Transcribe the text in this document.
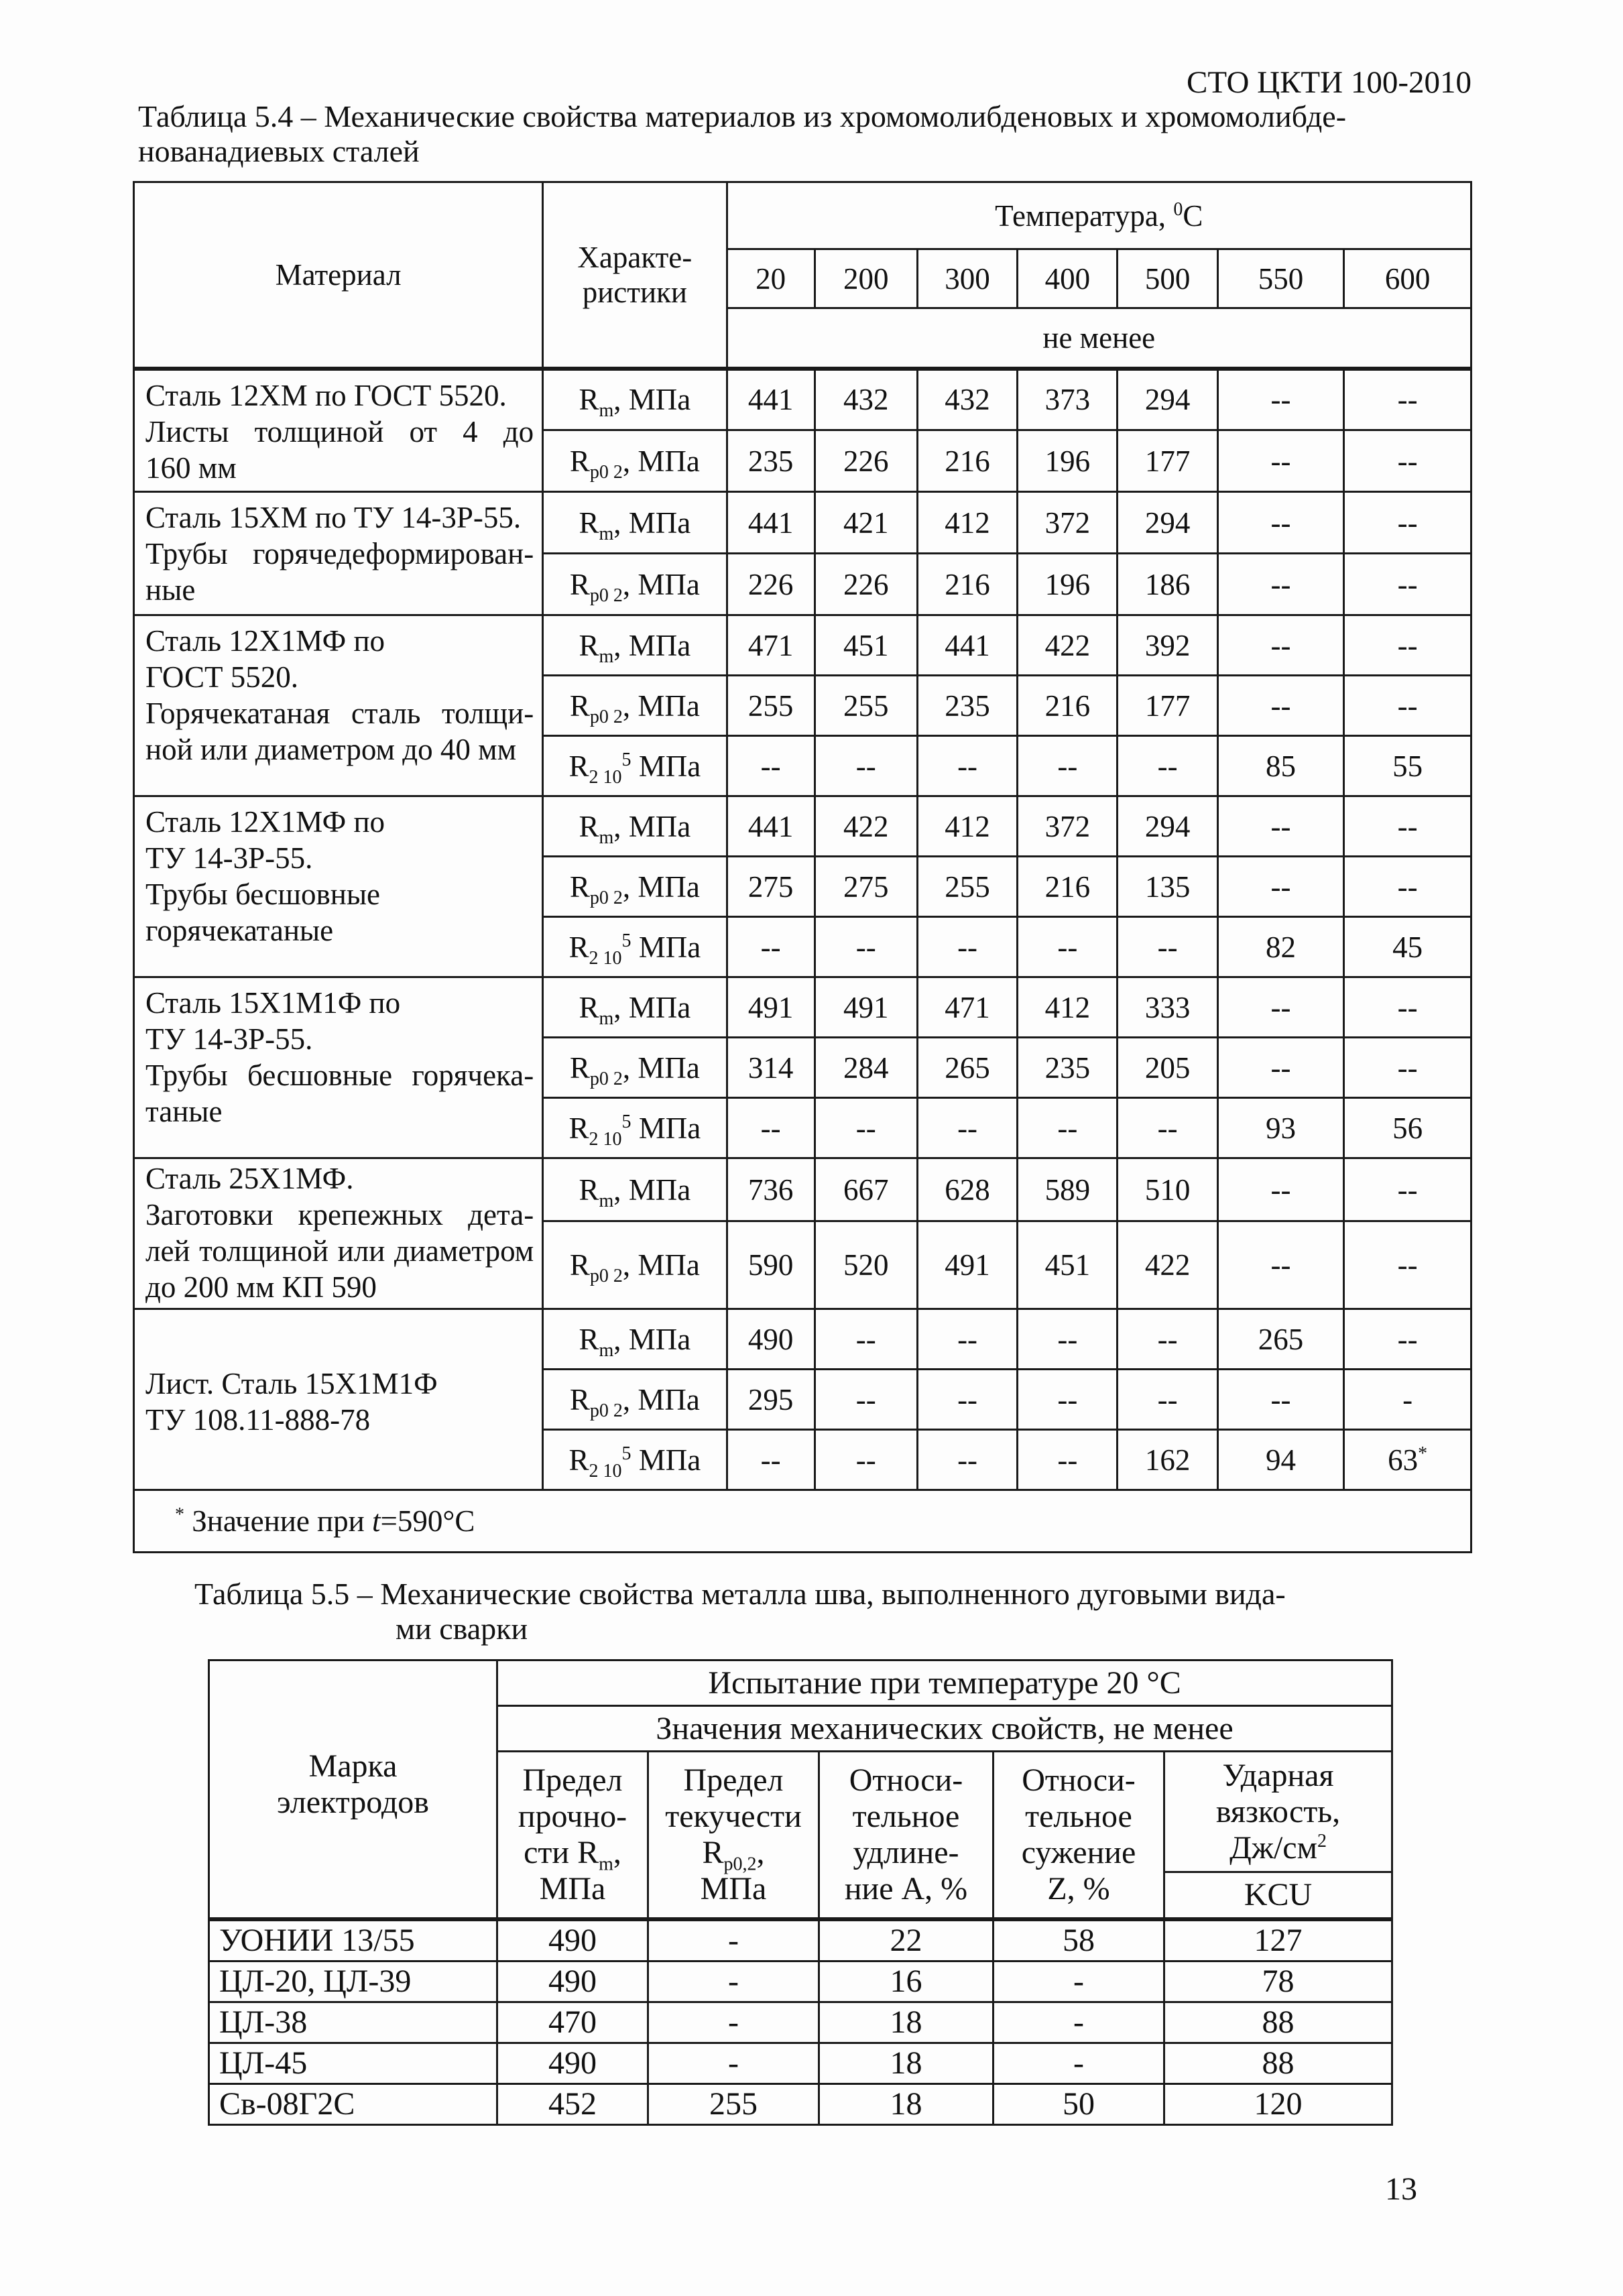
СТО ЦКТИ 100-2010
Таблица 5.4 – Механические свойства материалов из хромомолибденовых и хромомолибде-
нованадиевых сталей
Материал	Характе-
ристики	Температура, $^0$С						
		20	200	300	400	500	550	600
		не менее						
Сталь 12ХМ по ГОСТ 5520.
Листы толщиной от 4 до
160 мм	$R_m$, МПа	441	432	432	373	294	--	--
	$R_{p0 2}$, МПа	235	226	216	196	177	--	--
Сталь 15ХМ по ТУ 14-3Р-55.
Трубы горячедеформирован-
ные	$R_m$, МПа	441	421	412	372	294	--	--
	$R_{p0 2}$, МПа	226	226	216	196	186	--	--
Сталь 12Х1МФ по
ГОСТ 5520.
Горячекатаная сталь толщи-
ной или диаметром до 40 мм	$R_m$, МПа	471	451	441	422	392	--	--
	$R_{p0 2}$, МПа	255	255	235	216	177	--	--
	$R_{2 10}^5$ МПа	--	--	--	--	--	85	55
Сталь 12Х1МФ по
ТУ 14-3Р-55.
Трубы бесшовные
горячекатаные	$R_m$, МПа	441	422	412	372	294	--	--
	$R_{p0 2}$, МПа	275	275	255	216	135	--	--
	$R_{2 10}^5$ МПа	--	--	--	--	--	82	45
Сталь 15Х1М1Ф по
ТУ 14-3Р-55.
Трубы бесшовные горячека-
таные	$R_m$, МПа	491	491	471	412	333	--	--
	$R_{p0 2}$, МПа	314	284	265	235	205	--	--
	$R_{2 10}^5$ МПа	--	--	--	--	--	93	56
Сталь 25Х1МФ.
Заготовки крепежных дета-
лей толщиной или диаметром
до 200 мм КП 590	$R_m$, МПа	736	667	628	589	510	--	--
	$R_{p0 2}$, МПа	590	520	491	451	422	--	--
Лист. Сталь 15Х1М1Ф
ТУ 108.11-888-78	$R_m$, МПа	490	--	--	--	--	265	--
	$R_{p0 2}$, МПа	295	--	--	--	--	--	-
	$R_{2 10}^5$ МПа	--	--	--	--	162	94	63*
* Значение при t=590°С								
Таблица 5.5 – Механические свойства металла шва, выполненного дуговыми вида-
ми сварки
Марка
электродов	Испытание при температуре 20 °С				
	Значения механических свойств, не менее				
	Предел
прочно-
сти $R_m$,
МПа	Предел
текучести
$R_{p0,2}$,
МПа	Относи-
тельное
удлине-
ние А, %	Относи-
тельное
сужение
Z, %	Ударная
вязкость,
$Дж/см^2$
					KCU
УОНИИ 13/55	490	-	22	58	127
ЦЛ-20, ЦЛ-39	490	-	16	-	78
ЦЛ-38	470	-	18	-	88
ЦЛ-45	490	-	18	-	88
Св-08Г2С	452	255	18	50	120
13
